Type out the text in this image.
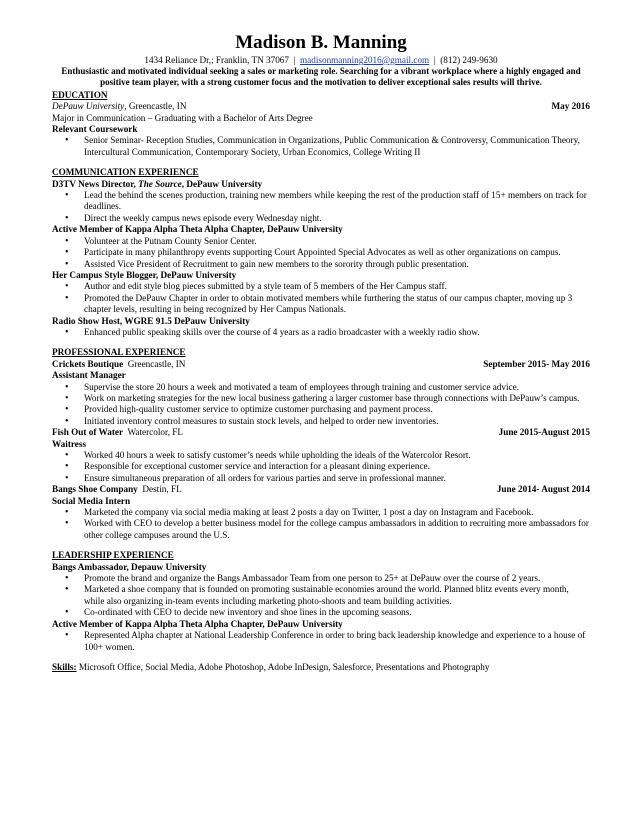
Madison B. Manning
1434 Reliance Dr,; Franklin, TN 37067 | madisonmanning2016@gmail.com | (812) 249-9630
Enthusiastic and motivated individual seeking a sales or marketing role. Searching for a vibrant workplace where a highly engaged and positive team player, with a strong customer focus and the motivation to deliver exceptional sales results will thrive.
EDUCATION
DePauw University, Greencastle, IN	May 2016
Major in Communication – Graduating with a Bachelor of Arts Degree
Relevant Coursework
• Senior Seminar- Reception Studies, Communication in Organizations, Public Communication & Controversy, Communication Theory, Intercultural Communication, Contemporary Society, Urban Economics, College Writing II
COMMUNICATION EXPERIENCE
D3TV News Director, The Source, DePauw University
• Lead the behind the scenes production, training new members while keeping the rest of the production staff of 15+ members on track for deadlines.
• Direct the weekly campus news episode every Wednesday night.
Active Member of Kappa Alpha Theta Alpha Chapter, DePauw University
• Volunteer at the Putnam County Senior Center.
• Participate in many philanthropy events supporting Court Appointed Special Advocates as well as other organizations on campus.
• Assisted Vice President of Recruitment to gain new members to the sorority through public presentation.
Her Campus Style Blogger, DePauw University
• Author and edit style blog pieces submitted by a style team of 5 members of the Her Campus staff.
• Promoted the DePauw Chapter in order to obtain motivated members while furthering the status of our campus chapter, moving up 3 chapter levels, resulting in being recognized by Her Campus Nationals.
Radio Show Host, WGRE 91.5 DePauw University
• Enhanced public speaking skills over the course of 4 years as a radio broadcaster with a weekly radio show.
PROFESSIONAL EXPERIENCE
Crickets Boutique Greencastle, IN	September 2015- May 2016
Assistant Manager
• Supervise the store 20 hours a week and motivated a team of employees through training and customer service advice.
• Work on marketing strategies for the new local business gathering a larger customer base through connections with DePauw’s campus.
• Provided high-quality customer service to optimize customer purchasing and payment process.
• Initiated inventory control measures to sustain stock levels, and helped to order new inventories.
Fish Out of Water Watercolor, FL	June 2015-August 2015
Waitress
• Worked 40 hours a week to satisfy customer’s needs while upholding the ideals of the Watercolor Resort.
• Responsible for exceptional customer service and interaction for a pleasant dining experience.
• Ensure simultaneous preparation of all orders for various parties and serve in professional manner.
Bangs Shoe Company Destin, FL	June 2014- August 2014
Social Media Intern
• Marketed the company via social media making at least 2 posts a day on Twitter, 1 post a day on Instagram and Facebook.
• Worked with CEO to develop a better business model for the college campus ambassadors in addition to recruiting more ambassadors for other college campuses around the U.S.
LEADERSHIP EXPERIENCE
Bangs Ambassador, Depauw University
• Promote the brand and organize the Bangs Ambassador Team from one person to 25+ at DePauw over the course of 2 years.
• Marketed a shoe company that is founded on promoting sustainable economies around the world. Planned blitz events every month, while also organizing in-team events including marketing photo-shoots and team building activities.
• Co-ordinated with CEO to decide new inventory and shoe lines in the upcoming seasons.
Active Member of Kappa Alpha Theta Alpha Chapter, DePauw University
• Represented Alpha chapter at National Leadership Conference in order to bring back leadership knowledge and experience to a house of 100+ women.
Skills: Microsoft Office, Social Media, Adobe Photoshop, Adobe InDesign, Salesforce, Presentations and Photography
